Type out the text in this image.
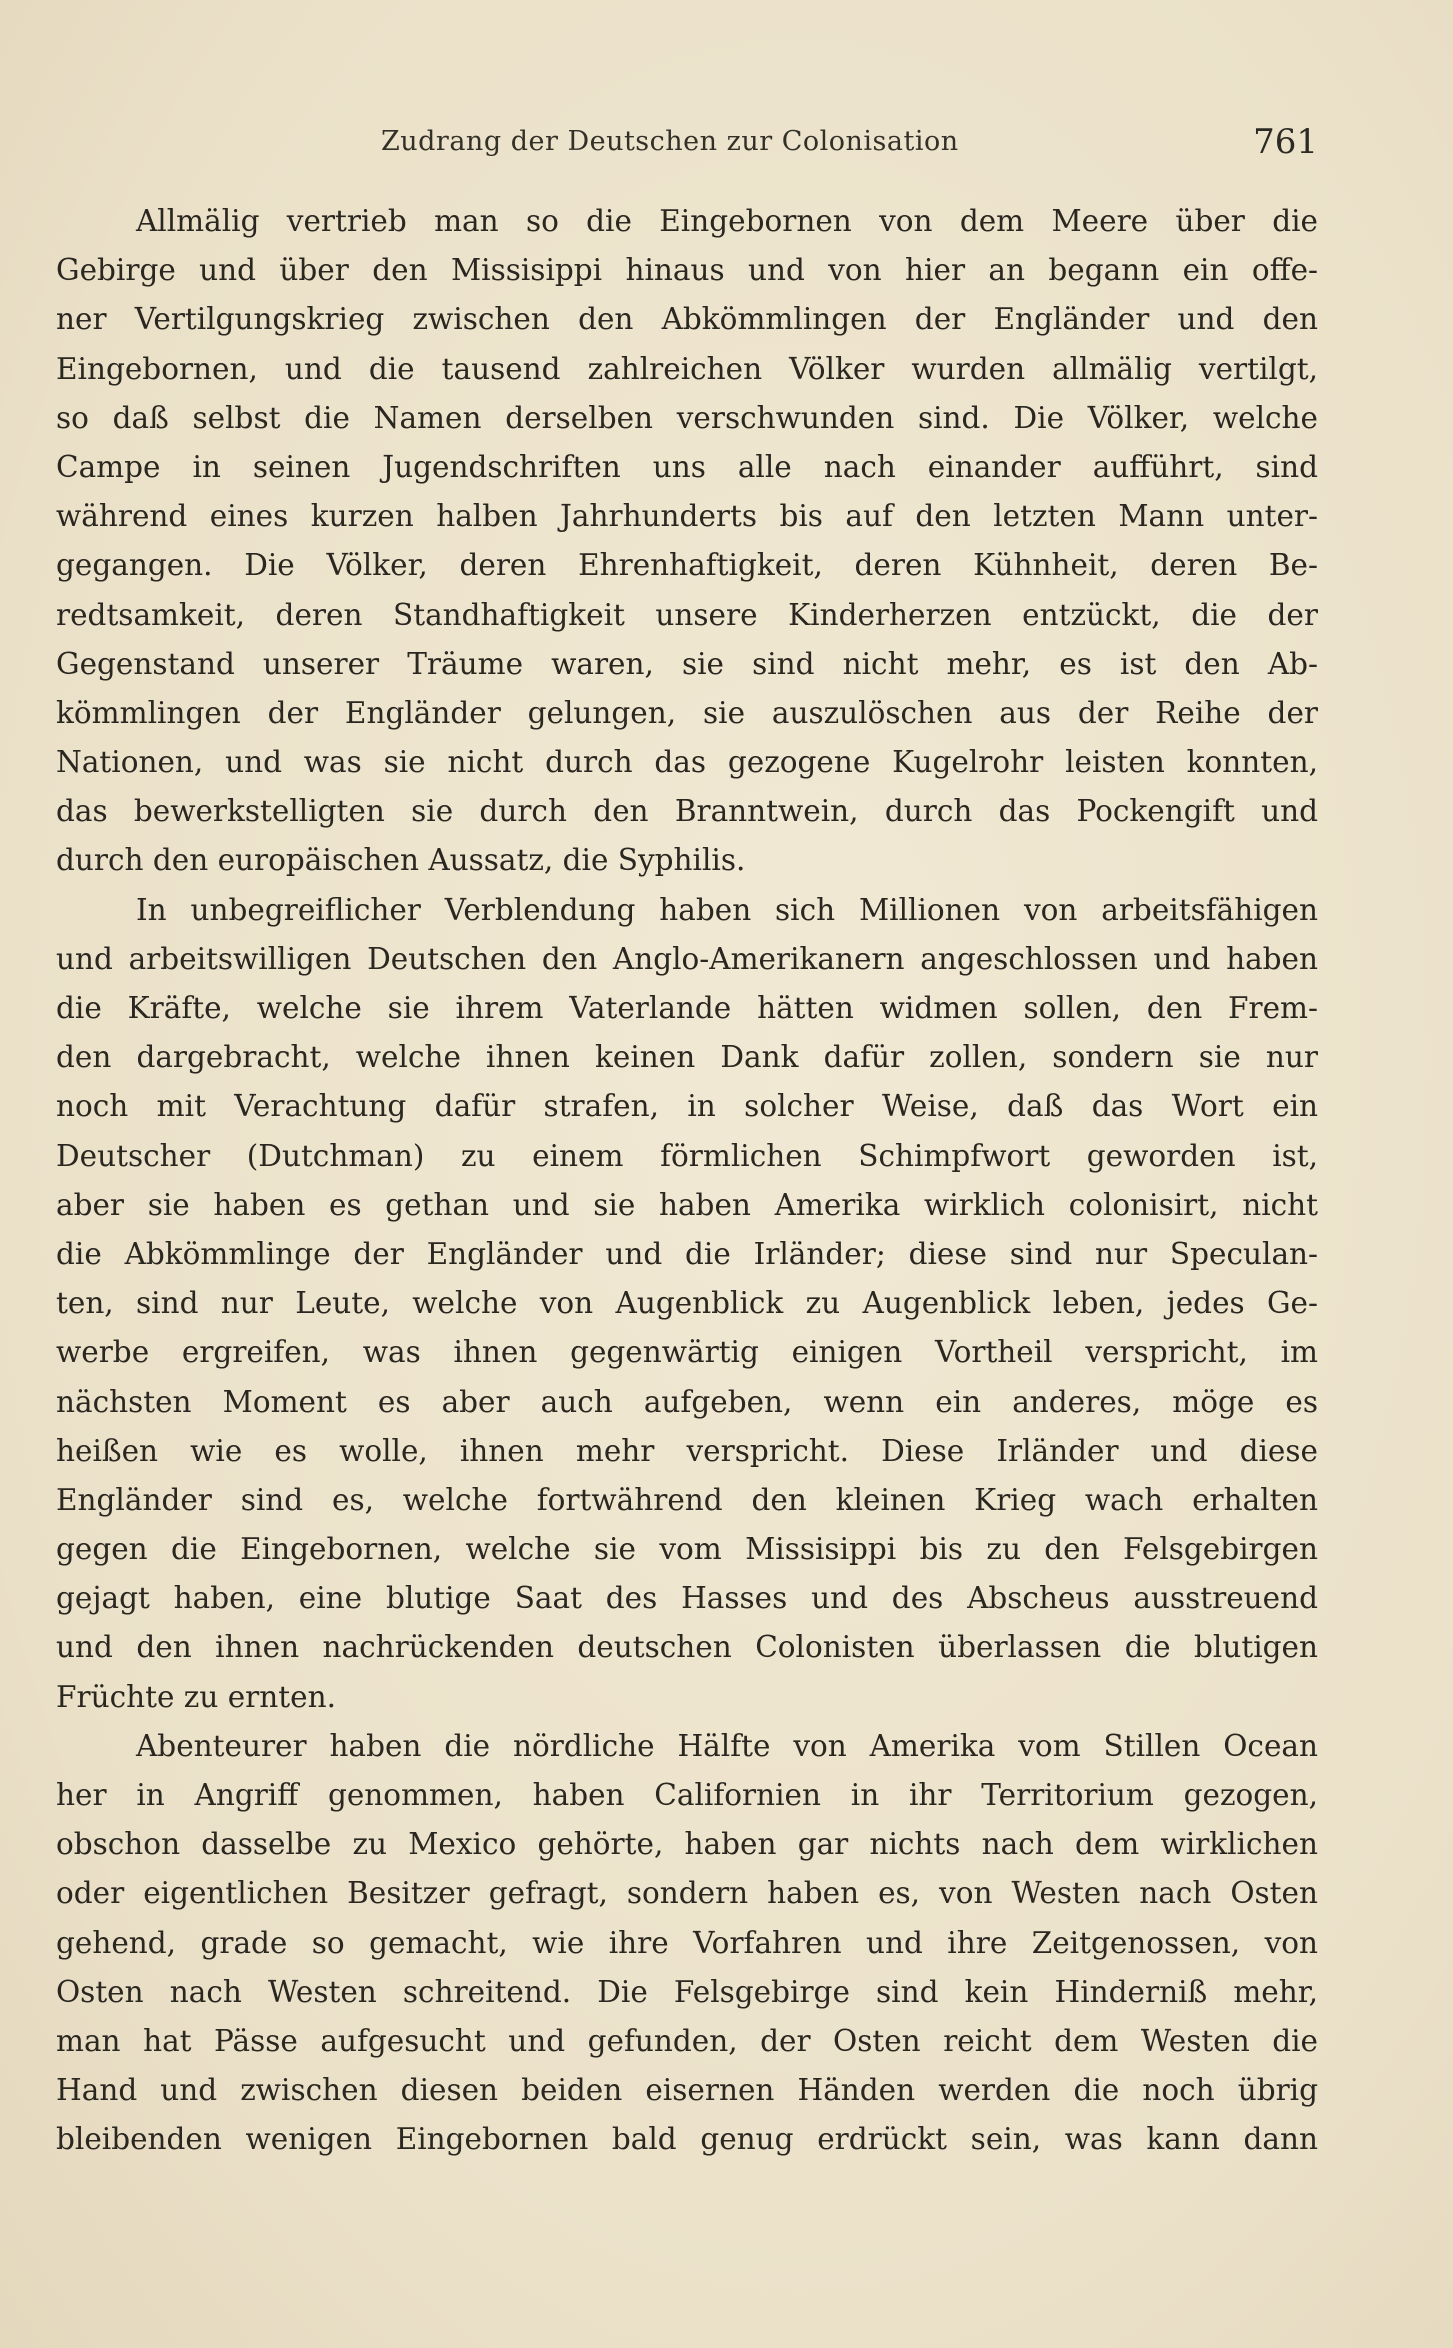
Zudrang der Deutschen zur Colonisation	761
Allmälig vertrieb man so die Eingebornen von dem Meere über die
Gebirge und über den Missisippi hinaus und von hier an begann ein offe-
ner Vertilgungskrieg zwischen den Abkömmlingen der Engländer und den
Eingebornen, und die tausend zahlreichen Völker wurden allmälig vertilgt,
so daß selbst die Namen derselben verschwunden sind. Die Völker, welche
Campe in seinen Jugendschriften uns alle nach einander aufführt, sind
während eines kurzen halben Jahrhunderts bis auf den letzten Mann unter-
gegangen. Die Völker, deren Ehrenhaftigkeit, deren Kühnheit, deren Be-
redtsamkeit, deren Standhaftigkeit unsere Kinderherzen entzückt, die der
Gegenstand unserer Träume waren, sie sind nicht mehr, es ist den Ab-
kömmlingen der Engländer gelungen, sie auszulöschen aus der Reihe der
Nationen, und was sie nicht durch das gezogene Kugelrohr leisten konnten,
das bewerkstelligten sie durch den Branntwein, durch das Pockengift und
durch den europäischen Aussatz, die Syphilis.
In unbegreiflicher Verblendung haben sich Millionen von arbeitsfähigen
und arbeitswilligen Deutschen den Anglo-Amerikanern angeschlossen und haben
die Kräfte, welche sie ihrem Vaterlande hätten widmen sollen, den Frem-
den dargebracht, welche ihnen keinen Dank dafür zollen, sondern sie nur
noch mit Verachtung dafür strafen, in solcher Weise, daß das Wort ein
Deutscher (Dutchman) zu einem förmlichen Schimpfwort geworden ist,
aber sie haben es gethan und sie haben Amerika wirklich colonisirt, nicht
die Abkömmlinge der Engländer und die Irländer; diese sind nur Speculan-
ten, sind nur Leute, welche von Augenblick zu Augenblick leben, jedes Ge-
werbe ergreifen, was ihnen gegenwärtig einigen Vortheil verspricht, im
nächsten Moment es aber auch aufgeben, wenn ein anderes, möge es
heißen wie es wolle, ihnen mehr verspricht. Diese Irländer und diese
Engländer sind es, welche fortwährend den kleinen Krieg wach erhalten
gegen die Eingebornen, welche sie vom Missisippi bis zu den Felsgebirgen
gejagt haben, eine blutige Saat des Hasses und des Abscheus ausstreuend
und den ihnen nachrückenden deutschen Colonisten überlassen die blutigen
Früchte zu ernten.
Abenteurer haben die nördliche Hälfte von Amerika vom Stillen Ocean
her in Angriff genommen, haben Californien in ihr Territorium gezogen,
obschon dasselbe zu Mexico gehörte, haben gar nichts nach dem wirklichen
oder eigentlichen Besitzer gefragt, sondern haben es, von Westen nach Osten
gehend, grade so gemacht, wie ihre Vorfahren und ihre Zeitgenossen, von
Osten nach Westen schreitend. Die Felsgebirge sind kein Hinderniß mehr,
man hat Pässe aufgesucht und gefunden, der Osten reicht dem Westen die
Hand und zwischen diesen beiden eisernen Händen werden die noch übrig
bleibenden wenigen Eingebornen bald genug erdrückt sein, was kann dann
